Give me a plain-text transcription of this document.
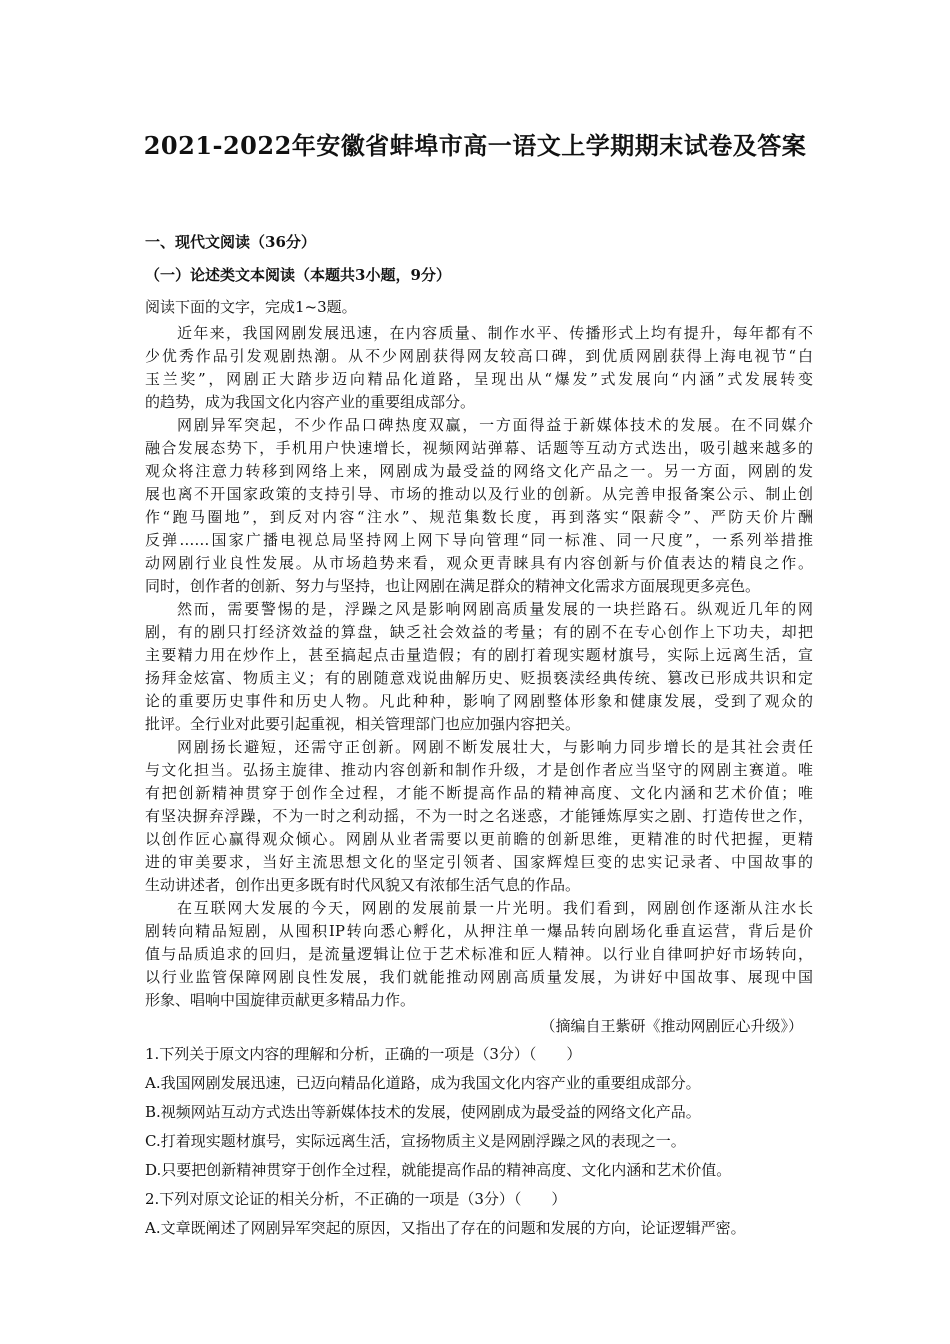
2021-2022年安徽省蚌埠市高一语文上学期期末试卷及答案
一、现代文阅读（36分）
（一）论述类文本阅读（本题共3小题，9分）
阅读下面的文字，完成1~3题。
近年来，我国网剧发展迅速，在内容质量、制作水平、传播形式上均有提升，每年都有不
少优秀作品引发观剧热潮。从不少网剧获得网友较高口碑，到优质网剧获得上海电视节“白
玉兰奖”，网剧正大踏步迈向精品化道路，呈现出从“爆发”式发展向“内涵”式发展转变
的趋势，成为我国文化内容产业的重要组成部分。
网剧异军突起，不少作品口碑热度双赢，一方面得益于新媒体技术的发展。在不同媒介
融合发展态势下，手机用户快速增长，视频网站弹幕、话题等互动方式迭出，吸引越来越多的
观众将注意力转移到网络上来，网剧成为最受益的网络文化产品之一。另一方面，网剧的发
展也离不开国家政策的支持引导、市场的推动以及行业的创新。从完善申报备案公示、制止创
作“跑马圈地”，到反对内容“注水”、规范集数长度，再到落实“限薪令”、严防天价片酬
反弹……国家广播电视总局坚持网上网下导向管理“同一标准、同一尺度”，一系列举措推
动网剧行业良性发展。从市场趋势来看，观众更青睐具有内容创新与价值表达的精良之作。
同时，创作者的创新、努力与坚持，也让网剧在满足群众的精神文化需求方面展现更多亮色。
然而，需要警惕的是，浮躁之风是影响网剧高质量发展的一块拦路石。纵观近几年的网
剧，有的剧只打经济效益的算盘，缺乏社会效益的考量；有的剧不在专心创作上下功夫，却把
主要精力用在炒作上，甚至搞起点击量造假；有的剧打着现实题材旗号，实际上远离生活，宣
扬拜金炫富、物质主义；有的剧随意戏说曲解历史、贬损亵渎经典传统、篡改已形成共识和定
论的重要历史事件和历史人物。凡此种种，影响了网剧整体形象和健康发展，受到了观众的
批评。全行业对此要引起重视，相关管理部门也应加强内容把关。
网剧扬长避短，还需守正创新。网剧不断发展壮大，与影响力同步增长的是其社会责任
与文化担当。弘扬主旋律、推动内容创新和制作升级，才是创作者应当坚守的网剧主赛道。唯
有把创新精神贯穿于创作全过程，才能不断提高作品的精神高度、文化内涵和艺术价值；唯
有坚决摒弃浮躁，不为一时之利动摇，不为一时之名迷惑，才能锤炼厚实之剧、打造传世之作，
以创作匠心赢得观众倾心。网剧从业者需要以更前瞻的创新思维，更精准的时代把握，更精
进的审美要求，当好主流思想文化的坚定引领者、国家辉煌巨变的忠实记录者、中国故事的
生动讲述者，创作出更多既有时代风貌又有浓郁生活气息的作品。
在互联网大发展的今天，网剧的发展前景一片光明。我们看到，网剧创作逐渐从注水长
剧转向精品短剧，从囤积IP转向悉心孵化，从押注单一爆品转向剧场化垂直运营，背后是价
值与品质追求的回归，是流量逻辑让位于艺术标准和匠人精神。以行业自律呵护好市场转向，
以行业监管保障网剧良性发展，我们就能推动网剧高质量发展，为讲好中国故事、展现中国
形象、唱响中国旋律贡献更多精品力作。
（摘编自王紫研《推动网剧匠心升级》）
1.下列关于原文内容的理解和分析，正确的一项是（3分）（　　）
A.我国网剧发展迅速，已迈向精品化道路，成为我国文化内容产业的重要组成部分。
B.视频网站互动方式迭出等新媒体技术的发展，使网剧成为最受益的网络文化产品。
C.打着现实题材旗号，实际远离生活，宣扬物质主义是网剧浮躁之风的表现之一。
D.只要把创新精神贯穿于创作全过程，就能提高作品的精神高度、文化内涵和艺术价值。
2.下列对原文论证的相关分析，不正确的一项是（3分）（　　）
A.文章既阐述了网剧异军突起的原因，又指出了存在的问题和发展的方向，论证逻辑严密。
